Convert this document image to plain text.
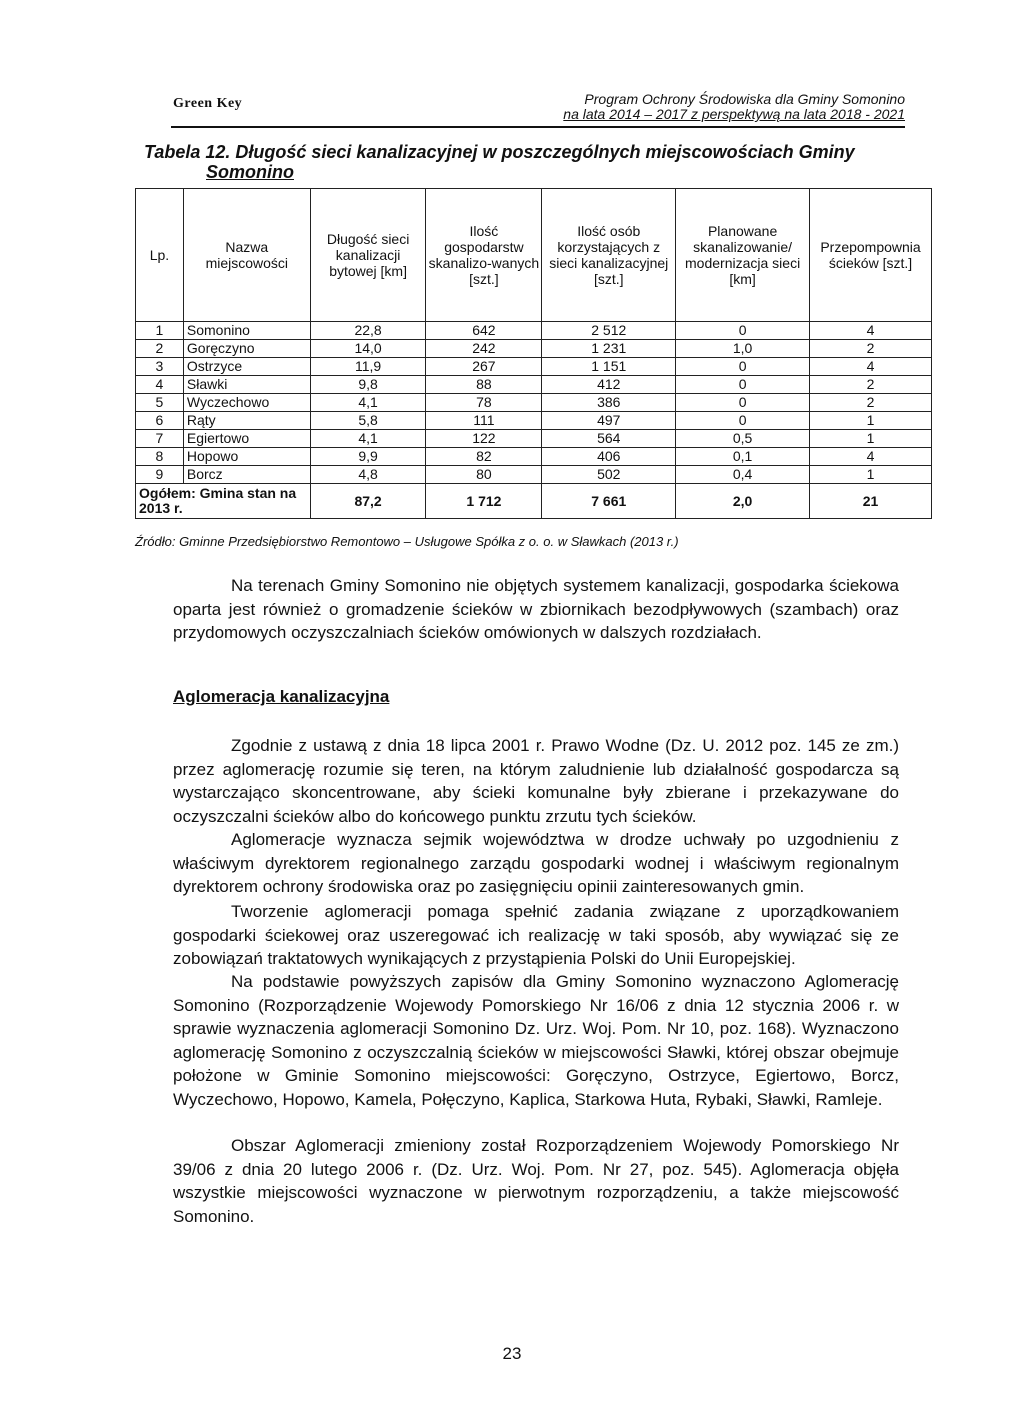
Green Key	Program Ochrony Środowiska dla Gminy Somonino
na lata 2014 – 2017 z perspektywą na lata 2018 - 2021
Tabela 12. Długość sieci kanalizacyjnej w poszczególnych miejscowościach Gminy
Somonino
Lp.	Nazwa miejscowości	Długość sieci kanalizacji bytowej [km]	Ilość gospodarstw skanalizo-wanych [szt.]	Ilość osób korzystających z sieci kanalizacyjnej [szt.]	Planowane skanalizowanie/ modernizacja sieci [km]	Przepompownia ścieków [szt.]
1	Somonino	22,8	642	2 512	0	4
2	Goręczyno	14,0	242	1 231	1,0	2
3	Ostrzyce	11,9	267	1 151	0	4
4	Sławki	9,8	88	412	0	2
5	Wyczechowo	4,1	78	386	0	2
6	Rąty	5,8	111	497	0	1
7	Egiertowo	4,1	122	564	0,5	1
8	Hopowo	9,9	82	406	0,1	4
9	Borcz	4,8	80	502	0,4	1
Ogółem: Gmina stan na 2013 r.		87,2	1 712	7 661	2,0	21
Źródło: Gminne Przedsiębiorstwo Remontowo – Usługowe Spółka z o. o. w Sławkach (2013 r.)

Na terenach Gminy Somonino nie objętych systemem kanalizacji, gospodarka ściekowa oparta jest również o gromadzenie ścieków w zbiornikach bezodpływowych (szambach) oraz przydomowych oczyszczalniach ścieków omówionych w dalszych rozdziałach.

Aglomeracja kanalizacyjna

Zgodnie z ustawą z dnia 18 lipca 2001 r. Prawo Wodne (Dz. U. 2012 poz. 145 ze zm.) przez aglomerację rozumie się teren, na którym zaludnienie lub działalność gospodarcza są wystarczająco skoncentrowane, aby ścieki komunalne były zbierane i przekazywane do oczyszczalni ścieków albo do końcowego punktu zrzutu tych ścieków.

Aglomeracje wyznacza sejmik województwa w drodze uchwały po uzgodnieniu z właściwym dyrektorem regionalnego zarządu gospodarki wodnej i właściwym regionalnym dyrektorem ochrony środowiska oraz po zasięgnięciu opinii zainteresowanych gmin.

Tworzenie aglomeracji pomaga spełnić zadania związane z uporządkowaniem gospodarki ściekowej oraz uszeregować ich realizację w taki sposób, aby wywiązać się ze zobowiązań traktatowych wynikających z przystąpienia Polski do Unii Europejskiej.

Na podstawie powyższych zapisów dla Gminy Somonino wyznaczono Aglomerację Somonino (Rozporządzenie Wojewody Pomorskiego Nr 16/06 z dnia 12 stycznia 2006 r. w sprawie wyznaczenia aglomeracji Somonino Dz. Urz. Woj. Pom. Nr 10, poz. 168). Wyznaczono aglomerację Somonino z oczyszczalnią ścieków w miejscowości Sławki, której obszar obejmuje położone w Gminie Somonino miejscowości: Goręczyno, Ostrzyce, Egiertowo, Borcz, Wyczechowo, Hopowo, Kamela, Połęczyno, Kaplica, Starkowa Huta, Rybaki, Sławki, Ramleje.

Obszar Aglomeracji zmieniony został Rozporządzeniem Wojewody Pomorskiego Nr 39/06 z dnia 20 lutego 2006 r. (Dz. Urz. Woj. Pom. Nr 27, poz. 545). Aglomeracja objęła wszystkie miejscowości wyznaczone w pierwotnym rozporządzeniu, a także miejscowość Somonino.

23
